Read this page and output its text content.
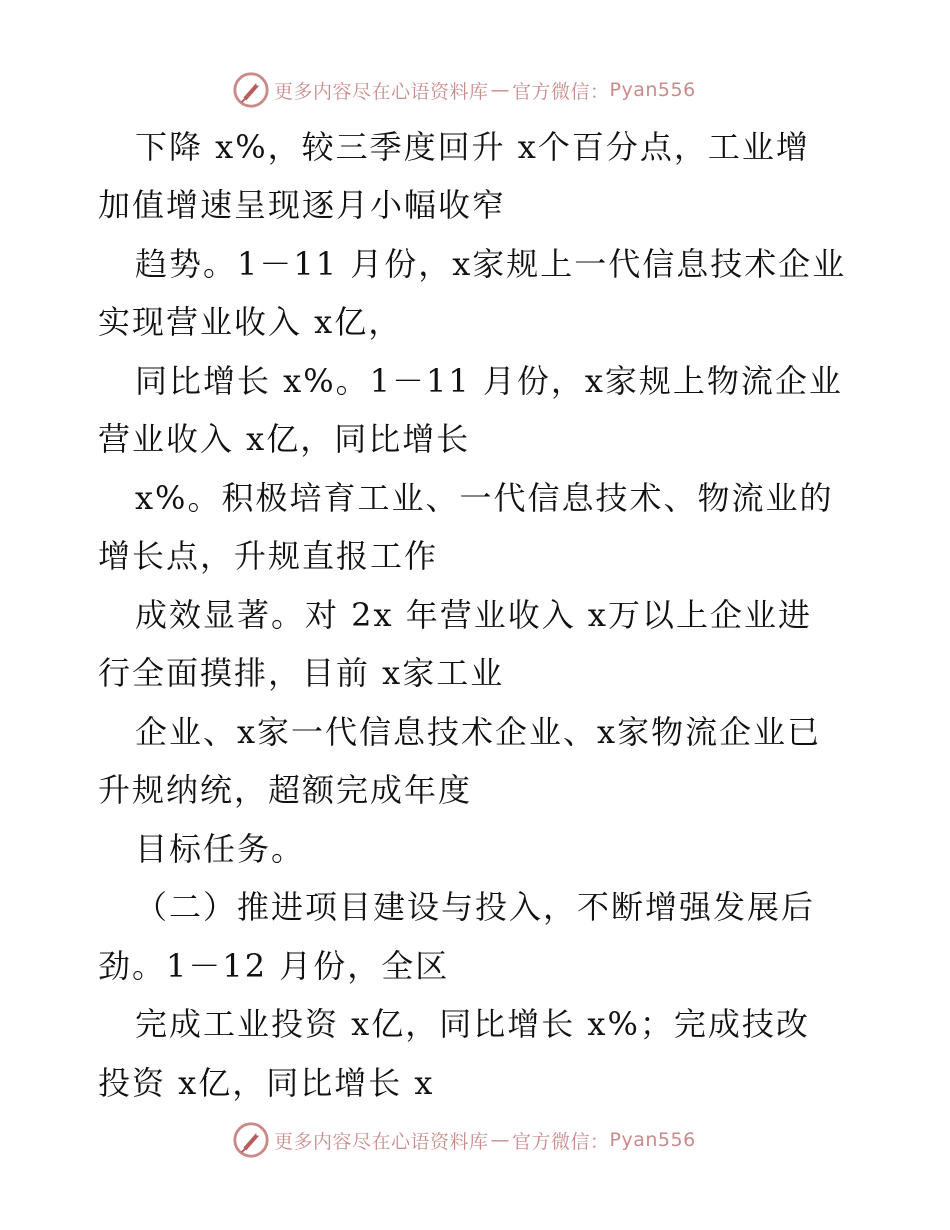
更多内容尽在心语资料库 — 官方微信： Pyan556
下降 x%，较三季度回升 x个百分点，工业增
加值增速呈现逐月小幅收窄
趋势。1－11 月份，x家规上一代信息技术企业
实现营业收入 x亿，
同比增长 x%。1－11 月份，x家规上物流企业
营业收入 x亿，同比增长
x%。积极培育工业、一代信息技术、物流业的
增长点，升规直报工作
成效显著。对 2x 年营业收入 x万以上企业进
行全面摸排，目前 x家工业
企业、x家一代信息技术企业、x家物流企业已
升规纳统，超额完成年度
目标任务。
（二）推进项目建设与投入，不断增强发展后
劲。1－12 月份，全区
完成工业投资 x亿，同比增长 x%；完成技改
投资 x亿，同比增长 x
更多内容尽在心语资料库 — 官方微信： Pyan556
